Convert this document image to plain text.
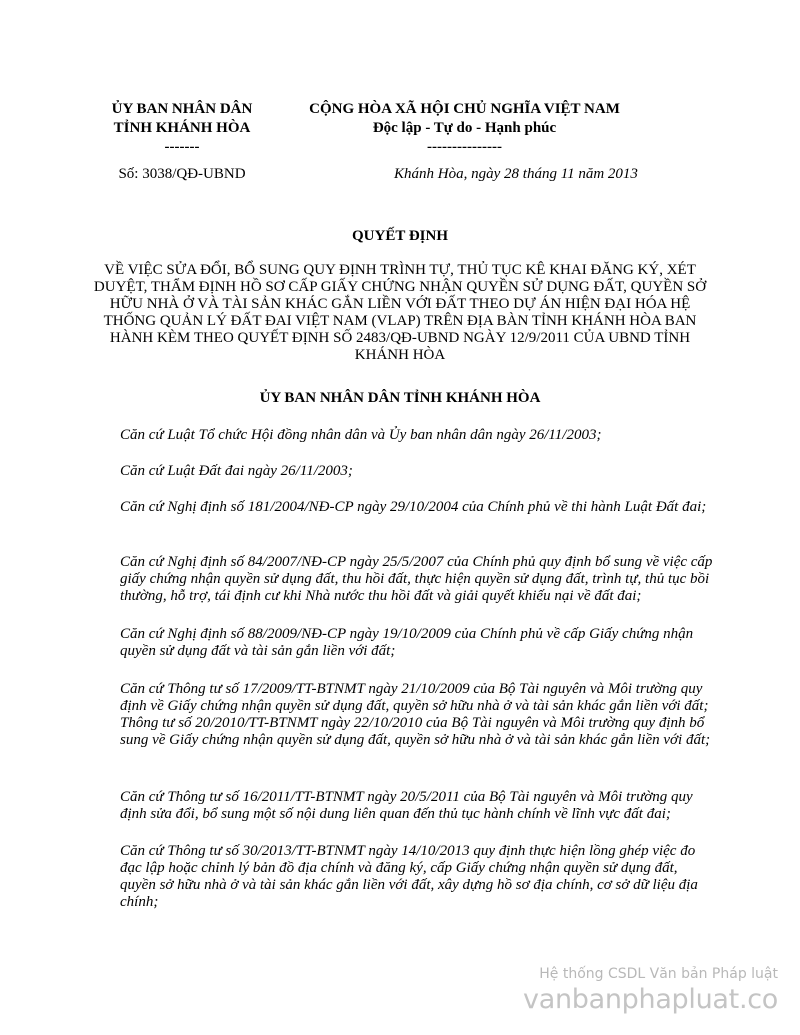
ỦY BAN NHÂN DÂN
TỈNH KHÁNH HÒA
-------
CỘNG HÒA XÃ HỘI CHỦ NGHĨA VIỆT NAM
Độc lập - Tự do - Hạnh phúc
---------------
Số: 3038/QĐ-UBND	Khánh Hòa, ngày 28 tháng 11 năm 2013
QUYẾT ĐỊNH

VỀ VIỆC SỬA ĐỔI, BỔ SUNG QUY ĐỊNH TRÌNH TỰ, THỦ TỤC KÊ KHAI ĐĂNG KÝ, XÉT DUYỆT, THẨM ĐỊNH HỒ SƠ CẤP GIẤY CHỨNG NHẬN QUYỀN SỬ DỤNG ĐẤT, QUYỀN SỞ HỮU NHÀ Ở VÀ TÀI SẢN KHÁC GẮN LIỀN VỚI ĐẤT THEO DỰ ÁN HIỆN ĐẠI HÓA HỆ THỐNG QUẢN LÝ ĐẤT ĐAI VIỆT NAM (VLAP) TRÊN ĐỊA BÀN TỈNH KHÁNH HÒA BAN HÀNH KÈM THEO QUYẾT ĐỊNH SỐ 2483/QĐ-UBND NGÀY 12/9/2011 CỦA UBND TỈNH KHÁNH HÒA

ỦY BAN NHÂN DÂN TỈNH KHÁNH HÒA

Căn cứ Luật Tổ chức Hội đồng nhân dân và Ủy ban nhân dân ngày 26/11/2003;

Căn cứ Luật Đất đai ngày 26/11/2003;

Căn cứ Nghị định số 181/2004/NĐ-CP ngày 29/10/2004 của Chính phủ về thi hành Luật Đất đai;

Căn cứ Nghị định số 84/2007/NĐ-CP ngày 25/5/2007 của Chính phủ quy định bổ sung về việc cấp giấy chứng nhận quyền sử dụng đất, thu hồi đất, thực hiện quyền sử dụng đất, trình tự, thủ tục bồi thường, hỗ trợ, tái định cư khi Nhà nước thu hồi đất và giải quyết khiếu nại về đất đai;

Căn cứ Nghị định số 88/2009/NĐ-CP ngày 19/10/2009 của Chính phủ về cấp Giấy chứng nhận quyền sử dụng đất và tài sản gắn liền với đất;

Căn cứ Thông tư số 17/2009/TT-BTNMT ngày 21/10/2009 của Bộ Tài nguyên và Môi trường quy định về Giấy chứng nhận quyền sử dụng đất, quyền sở hữu nhà ở và tài sản khác gắn liền với đất; Thông tư số 20/2010/TT-BTNMT ngày 22/10/2010 của Bộ Tài nguyên và Môi trường quy định bổ sung về Giấy chứng nhận quyền sử dụng đất, quyền sở hữu nhà ở và tài sản khác gắn liền với đất;

Căn cứ Thông tư số 16/2011/TT-BTNMT ngày 20/5/2011 của Bộ Tài nguyên và Môi trường quy định sửa đổi, bổ sung một số nội dung liên quan đến thủ tục hành chính về lĩnh vực đất đai;

Căn cứ Thông tư số 30/2013/TT-BTNMT ngày 14/10/2013 quy định thực hiện lồng ghép việc đo đạc lập hoặc chỉnh lý bản đồ địa chính và đăng ký, cấp Giấy chứng nhận quyền sử dụng đất, quyền sở hữu nhà ở và tài sản khác gắn liền với đất, xây dựng hồ sơ địa chính, cơ sở dữ liệu địa chính;

Hệ thống CSDL Văn bản Pháp luật
vanbanphapluat.co
